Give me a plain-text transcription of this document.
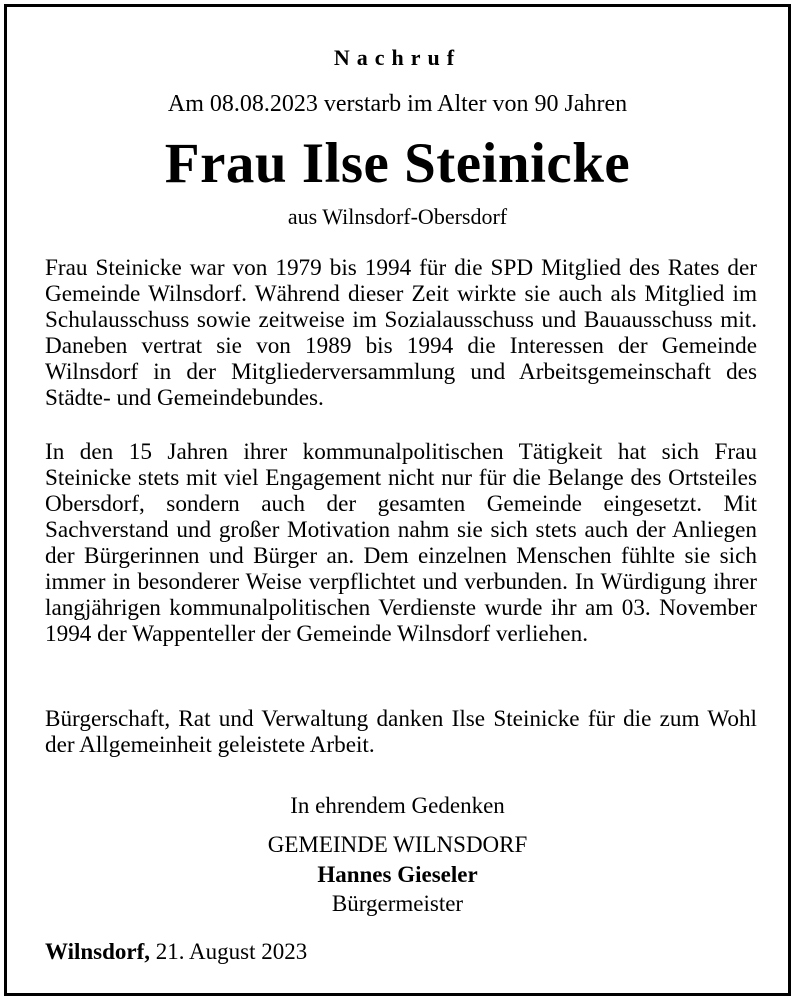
Nachruf
Am 08.08.2023 verstarb im Alter von 90 Jahren
Frau Ilse Steinicke
aus Wilnsdorf-Obersdorf

Frau Steinicke war von 1979 bis 1994 für die SPD Mitglied des Rates der Gemeinde Wilnsdorf. Während dieser Zeit wirkte sie auch als Mitglied im Schulausschuss sowie zeitweise im Sozialausschuss und Bauausschuss mit. Daneben vertrat sie von 1989 bis 1994 die Interessen der Gemeinde Wilnsdorf in der Mitgliederversammlung und Arbeitsgemeinschaft des Städte- und Gemeindebundes.

In den 15 Jahren ihrer kommunalpolitischen Tätigkeit hat sich Frau Steinicke stets mit viel Engagement nicht nur für die Belange des Ortsteiles Obersdorf, sondern auch der gesamten Gemeinde eingesetzt. Mit Sachverstand und großer Motivation nahm sie sich stets auch der Anliegen der Bürgerinnen und Bürger an. Dem einzelnen Menschen fühlte sie sich immer in besonderer Weise verpflichtet und verbunden. In Würdigung ihrer langjährigen kommunalpolitischen Verdienste wurde ihr am 03. November 1994 der Wappenteller der Gemeinde Wilnsdorf verliehen.

Bürgerschaft, Rat und Verwaltung danken Ilse Steinicke für die zum Wohl der Allgemeinheit geleistete Arbeit.

In ehrendem Gedenken
GEMEINDE WILNSDORF
Hannes Gieseler
Bürgermeister
Wilnsdorf, 21. August 2023
